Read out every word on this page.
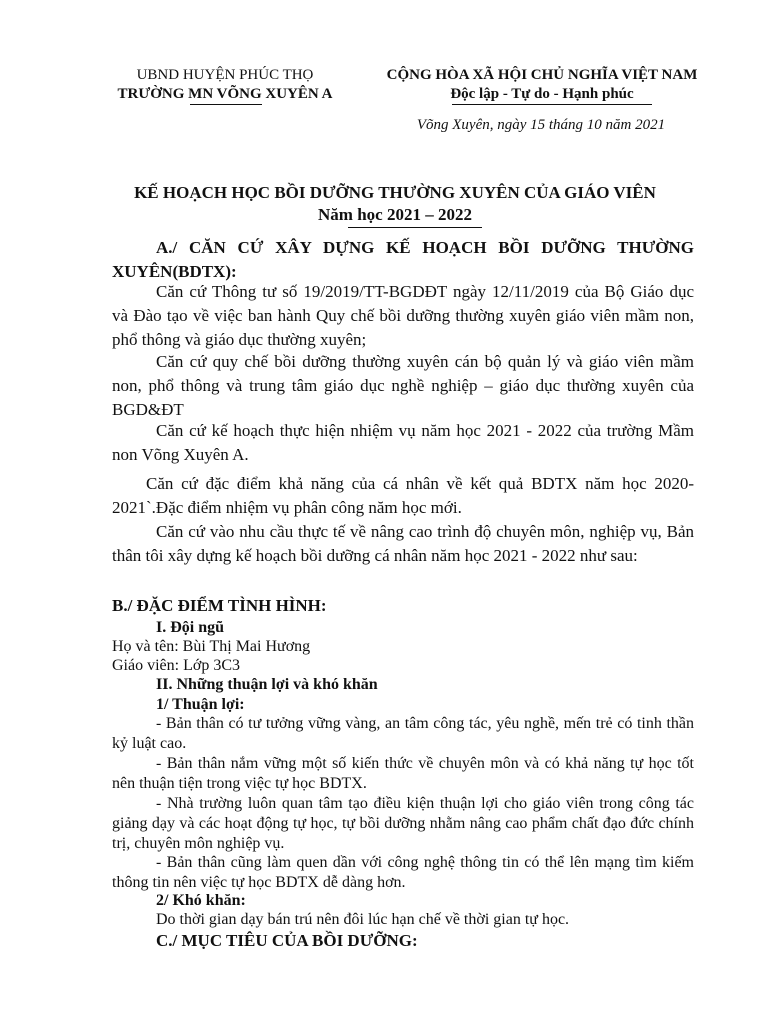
UBND HUYỆN PHÚC THỌ
TRƯỜNG MN VÕNG XUYÊN A
CỘNG HÒA XÃ HỘI CHỦ NGHĨA VIỆT NAM
Độc lập - Tự do - Hạnh phúc
Võng Xuyên, ngày 15 tháng 10 năm 2021
KẾ HOẠCH HỌC BỒI DƯỠNG THƯỜNG XUYÊN CỦA GIÁO VIÊN
Năm học 2021 – 2022
A./ CĂN CỨ XÂY DỰNG KẾ HOẠCH BỒI DƯỠNG THƯỜNG XUYÊN(BDTX):
Căn cứ Thông tư số 19/2019/TT-BGDĐT ngày 12/11/2019 của Bộ Giáo dục và Đào tạo về việc ban hành Quy chế bồi dưỡng thường xuyên giáo viên mầm non, phổ thông và giáo dục thường xuyên;
Căn cứ quy chế bồi dưỡng thường xuyên cán bộ quản lý và giáo viên mầm non, phổ thông và trung tâm giáo dục nghề nghiệp – giáo dục thường xuyên của BGD&ĐT
Căn cứ kế hoạch thực hiện nhiệm vụ năm học 2021 - 2022 của trường Mầm non Võng Xuyên A.
Căn cứ đặc điểm khả năng của cá nhân về kết quả BDTX năm học 2020-2021`.Đặc điểm nhiệm vụ phân công năm học mới.
Căn cứ vào nhu cầu thực tế về nâng cao trình độ chuyên môn, nghiệp vụ, Bản thân tôi xây dựng kế hoạch bồi dưỡng cá nhân năm học 2021 - 2022 như sau:
B./ ĐẶC ĐIỂM TÌNH HÌNH:
I. Đội ngũ
Họ và tên: Bùi Thị Mai Hương
Giáo viên: Lớp 3C3
II. Những thuận lợi và khó khăn
1/ Thuận lợi:
- Bản thân có tư tưởng vững vàng, an tâm công tác, yêu nghề, mến trẻ có tinh thần kỷ luật cao.
- Bản thân nắm vững một số kiến thức về chuyên môn và có khả năng tự học tốt nên thuận tiện trong việc tự học BDTX.
- Nhà trường luôn quan tâm tạo điều kiện thuận lợi cho giáo viên trong công tác giảng dạy và các hoạt động tự học, tự bồi dưỡng nhằm nâng cao phẩm chất đạo đức chính trị, chuyên môn nghiệp vụ.
- Bản thân cũng làm quen dần với công nghệ thông tin có thể lên mạng tìm kiếm thông tin nên việc tự học BDTX dễ dàng hơn.
2/ Khó khăn:
Do thời gian dạy bán trú nên đôi lúc hạn chế về thời gian tự học.
C./ MỤC TIÊU CỦA BỒI DƯỠNG:
